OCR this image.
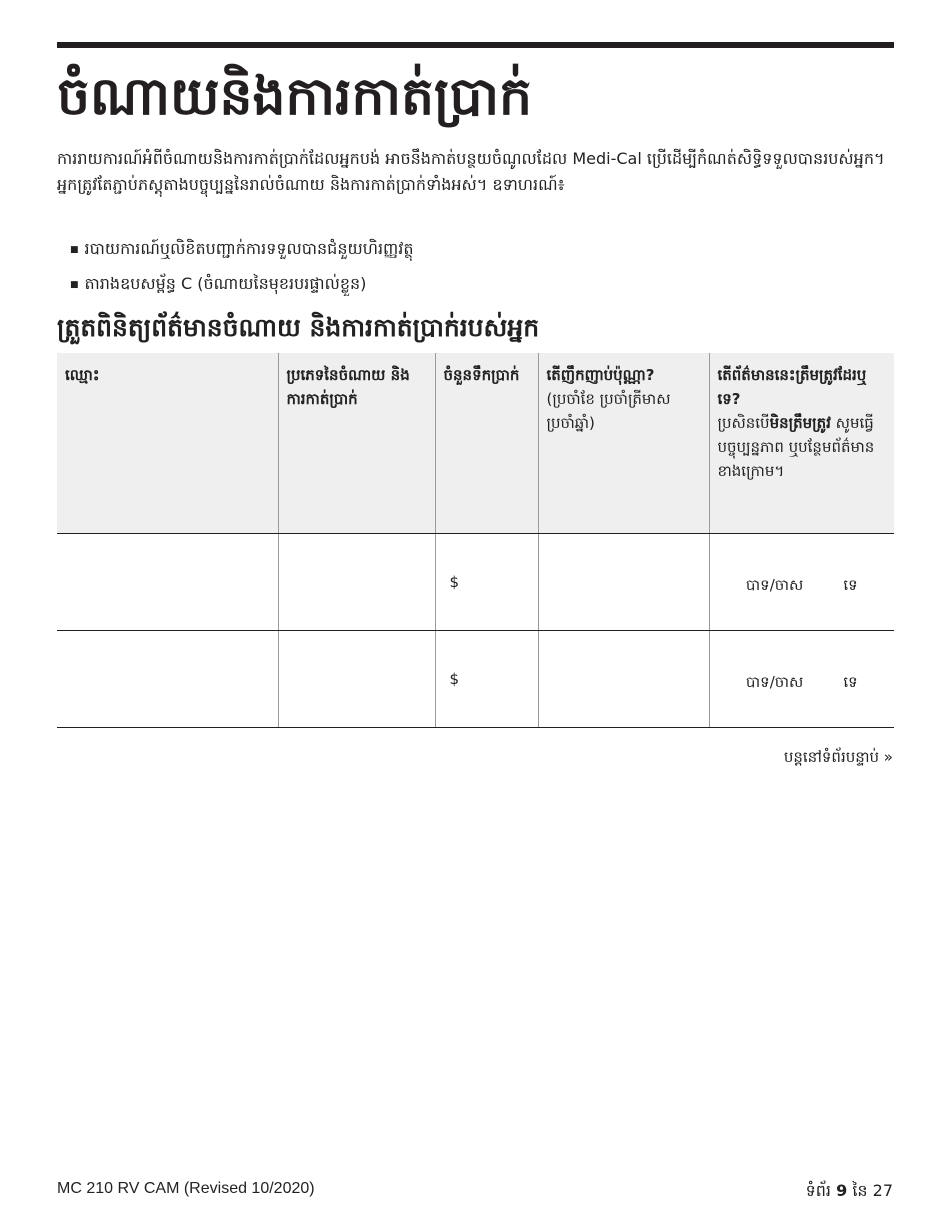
ចំណាយនិងការកាត់ប្រាក់

ការរាយការណ៍អំពីចំណាយនិងការកាត់ប្រាក់ដែលអ្នកបង់ អាចនឹងកាត់បន្ថយចំណូលដែល Medi-Cal ប្រើដើម្បីកំណត់សិទ្ធិទទួលបានរបស់អ្នក។ អ្នកត្រូវតែភ្ជាប់ភស្តុតាងបច្ចុប្បន្ននៃរាល់ចំណាយ និងការកាត់ប្រាក់ទាំងអស់។ ឧទាហរណ៍៖

■ របាយការណ៍ឬលិខិតបញ្ជាក់ការទទួលបានជំនួយហិរញ្ញវត្ថុ
■ តារាងឧបសម្ព័ន្ធ C (ចំណាយនៃមុខរបរផ្ទាល់ខ្លួន)
ត្រួតពិនិត្យព័ត៌មានចំណាយ និងការកាត់ប្រាក់របស់អ្នក
ឈ្មោះ	ប្រភេទនៃចំណាយ និងការកាត់ប្រាក់	ចំនួនទឹកប្រាក់	តើញឹកញាប់ប៉ុណ្ណា?
(ប្រចាំខែ ប្រចាំត្រីមាស ប្រចាំឆ្នាំ)	តើព័ត៌មាននេះត្រឹមត្រូវដែរឬទេ?
ប្រសិនបើមិនត្រឹមត្រូវ សូមធ្វើបច្ចុប្បន្នភាព ឬបន្ថែមព័ត៌មានខាងក្រោម។
		$		បាទ/ចាស ទេ

		$		បាទ/ចាស ទេ
បន្តនៅទំព័របន្ទាប់ »
MC 210 RV CAM (Revised 10/2020)	ទំព័រ 9 នៃ 27
